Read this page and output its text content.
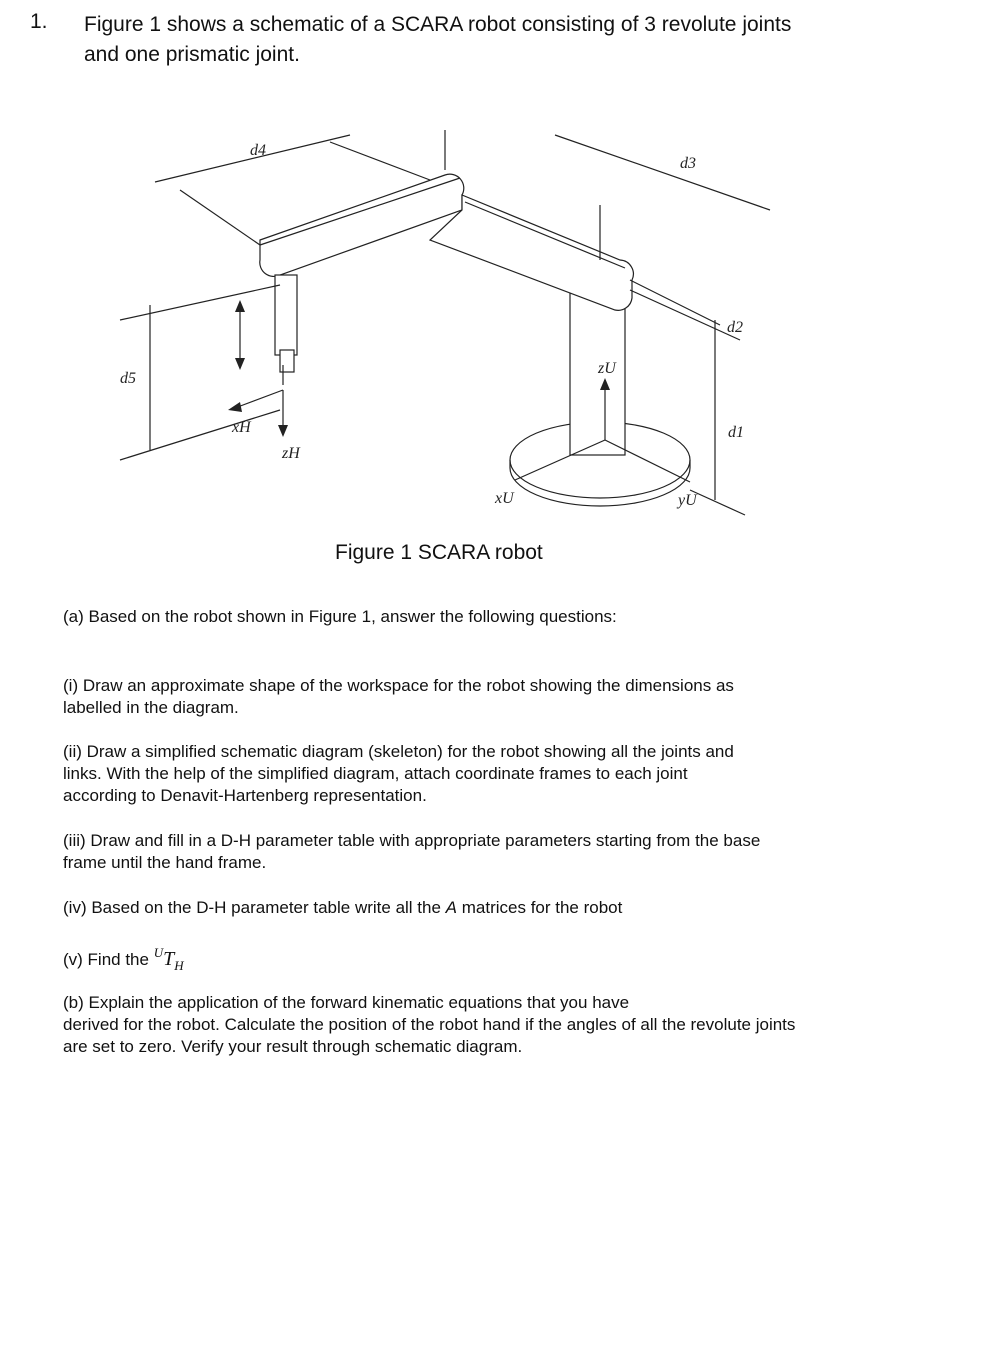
1. Figure 1 shows a schematic of a SCARA robot consisting of 3 revolute joints
and one prismatic joint.
d4
d3
d2
d1
d5
xH
zH
zU
xU	yU
Figure 1 SCARA robot
(a) Based on the robot shown in Figure 1, answer the following questions:
(i) Draw an approximate shape of the workspace for the robot showing the dimensions as
labelled in the diagram.
(ii) Draw a simplified schematic diagram (skeleton) for the robot showing all the joints and
links. With the help of the simplified diagram, attach coordinate frames to each joint
according to Denavit-Hartenberg representation.
(iii) Draw and fill in a D-H parameter table with appropriate parameters starting from the base
frame until the hand frame.
(iv) Based on the D-H parameter table write all the A matrices for the robot
(v) Find the $^UT_H$
(b) Explain the application of the forward kinematic equations that you have
derived for the robot. Calculate the position of the robot hand if the angles of all the revolute joints
are set to zero. Verify your result through schematic diagram.
